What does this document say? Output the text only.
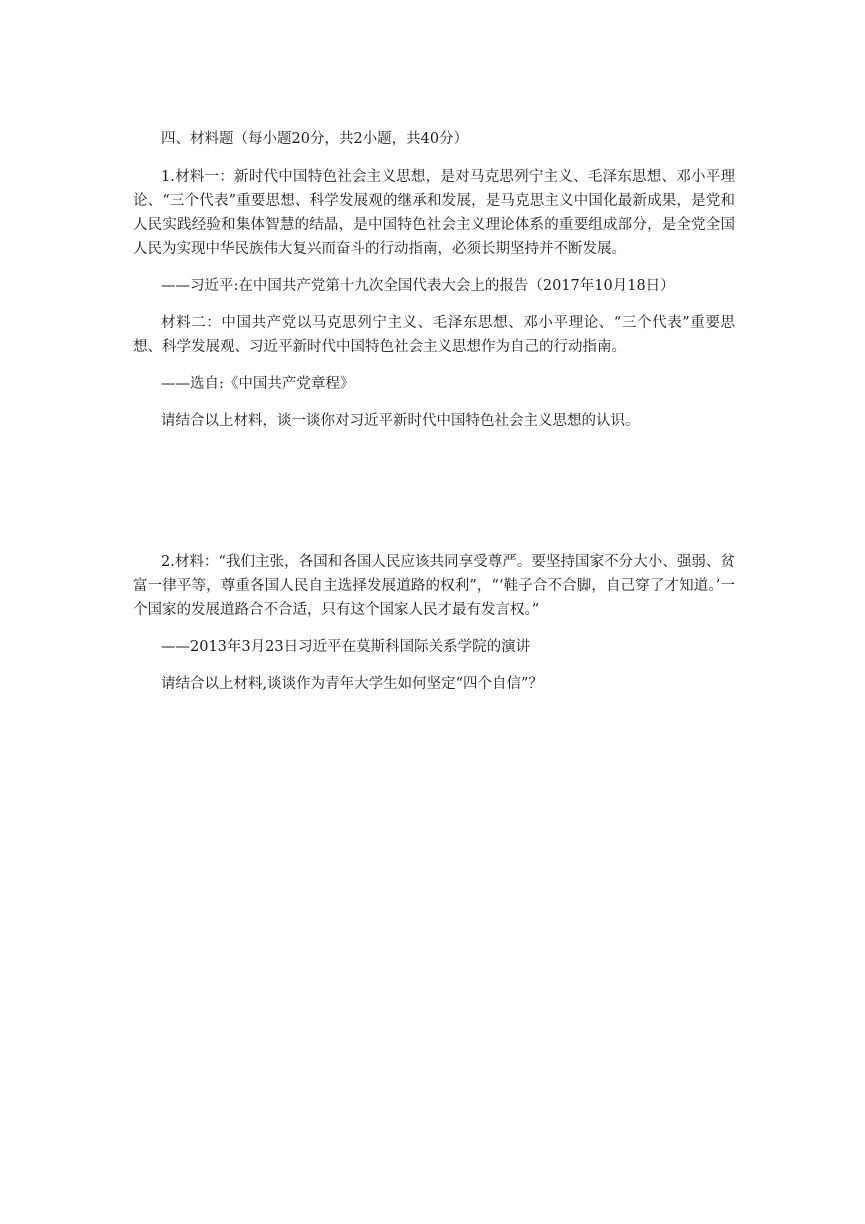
四、材料题（每小题20分，共2小题，共40分）

1.材料一：新时代中国特色社会主义思想，是对马克思列宁主义、毛泽东思想、邓小平理论、“三个代表”重要思想、科学发展观的继承和发展，是马克思主义中国化最新成果，是党和人民实践经验和集体智慧的结晶，是中国特色社会主义理论体系的重要组成部分，是全党全国人民为实现中华民族伟大复兴而奋斗的行动指南，必须长期坚持并不断发展。

——习近平:在中国共产党第十九次全国代表大会上的报告（2017年10月18日）

材料二：中国共产党以马克思列宁主义、毛泽东思想、邓小平理论、“三个代表”重要思想、科学发展观、习近平新时代中国特色社会主义思想作为自己的行动指南。

——选自:《中国共产党章程》

请结合以上材料，谈一谈你对习近平新时代中国特色社会主义思想的认识。

2.材料：“我们主张，各国和各国人民应该共同享受尊严。要坚持国家不分大小、强弱、贫富一律平等，尊重各国人民自主选择发展道路的权利”，“‘鞋子合不合脚，自己穿了才知道。’一个国家的发展道路合不合适，只有这个国家人民才最有发言权。”

——2013年3月23日习近平在莫斯科国际关系学院的演讲

请结合以上材料,谈谈作为青年大学生如何坚定“四个自信”？
